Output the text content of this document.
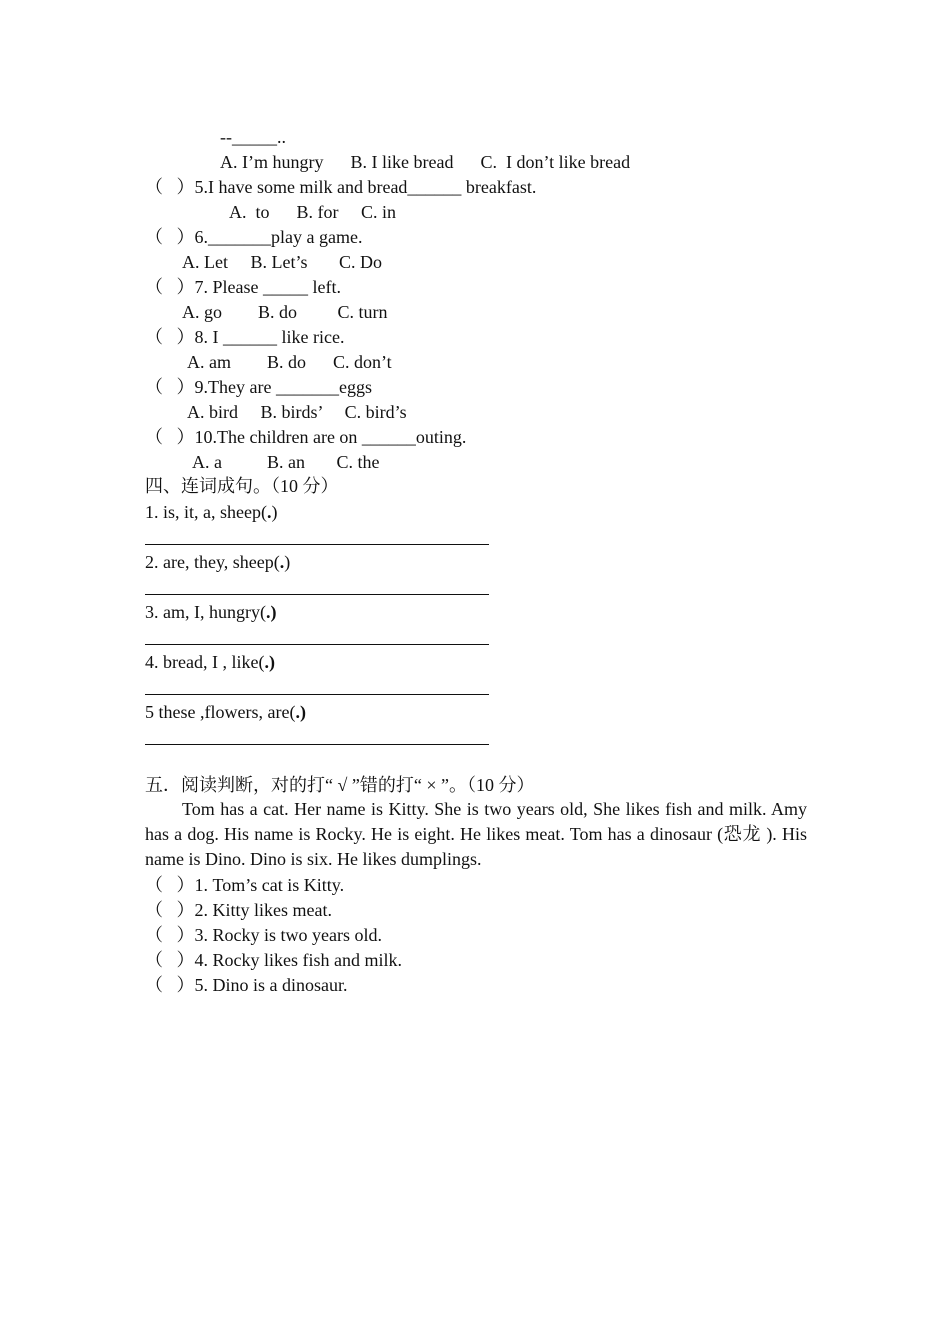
--_____..
A. I’m hungry      B. I like bread      C.  I don’t like bread
（   ）5.I have some milk and bread______ breakfast.
A.  to      B. for     C. in
（   ）6._______play a game.
A. Let     B. Let’s       C. Do
（   ）7. Please _____ left.
A. go        B. do         C. turn
（   ）8. I ______ like rice.
A. am        B. do      C. don’t
（   ）9.They are _______eggs
A. bird     B. birds’     C. bird’s
（   ）10.The children are on ______outing.
A. a          B. an       C. the
四、连词成句。（10 分）
1. is, it, a, sheep(.)
2. are, they, sheep(.)
3. am, I, hungry(.)
4. bread, I , like(.)
5 these ,flowers, are(.)
五．阅读判断，对的打“ √ ”错的打“ × ”。（10 分）
Tom has a cat. Her name is Kitty. She is two years old, She likes fish and milk. Amy has a dog. His name is Rocky. He is eight. He likes meat. Tom has a dinosaur (恐龙 ). His name is Dino. Dino is six. He likes dumplings.
（   ）1. Tom’s cat is Kitty.
（   ）2. Kitty likes meat.
（   ）3. Rocky is two years old.
（   ）4. Rocky likes fish and milk.
（   ）5. Dino is a dinosaur.
